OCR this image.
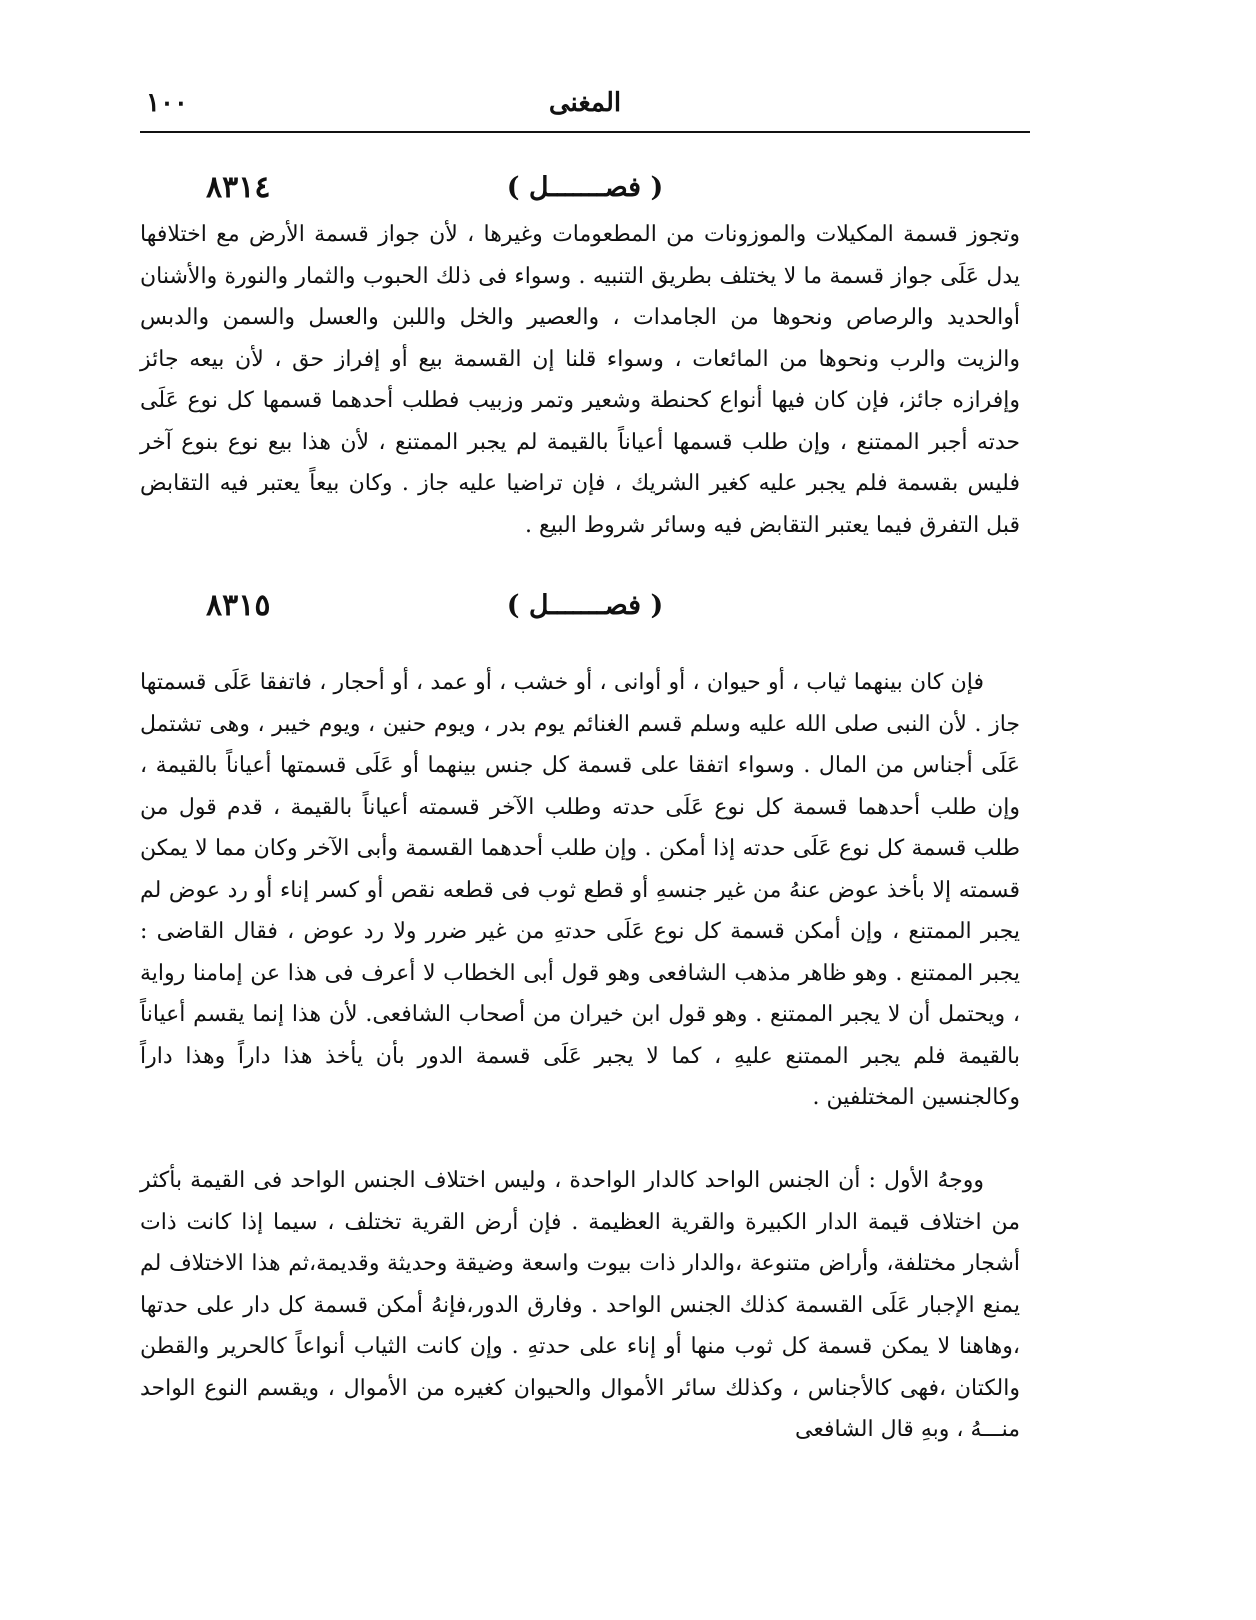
١٠٠	المغنى
٨٣١٤	( فصـــــــل )

وتجوز قسمة المكيلات والموزونات من المطعومات وغيرها ، لأن جواز قسمة الأرض مع اختلافها يدل عَلَى جواز قسمة ما لا يختلف بطريق التنبيه . وسواء فى ذلك الحبوب والثمار والنورة والأشنان أوالحديد والرصاص ونحوها من الجامدات ، والعصير والخل واللبن والعسل والسمن والدبس والزيت والرب ونحوها من المائعات ، وسواء قلنا إن القسمة بيع أو إفراز حق ، لأن بيعه جائز وإفرازه جائز، فإن كان فيها أنواع كحنطة وشعير وتمر وزبيب فطلب أحدهما قسمها كل نوع عَلَى حدته أجبر الممتنع ، وإن طلب قسمها أعياناً بالقيمة لم يجبر الممتنع ، لأن هذا بيع نوع بنوع آخر فليس بقسمة فلم يجبر عليه كغير الشريك ، فإن تراضيا عليه جاز . وكان بيعاً يعتبر فيه التقابض قبل التفرق فيما يعتبر التقابض فيه وسائر شروط البيع .

٨٣١٥	( فصـــــــل )

فإن كان بينهما ثياب ، أو حيوان ، أو أوانى ، أو خشب ، أو عمد ، أو أحجار ، فاتفقا عَلَى قسمتها جاز . لأن النبى صلى الله عليه وسلم قسم الغنائم يوم بدر ، ويوم حنين ، ويوم خيبر ، وهى تشتمل عَلَى أجناس من المال . وسواء اتفقا على قسمة كل جنس بينهما أو عَلَى قسمتها أعياناً بالقيمة ، وإن طلب أحدهما قسمة كل نوع عَلَى حدته وطلب الآخر قسمته أعياناً بالقيمة ، قدم قول من طلب قسمة كل نوع عَلَى حدته إذا أمكن . وإن طلب أحدهما القسمة وأبى الآخر وكان مما لا يمكن قسمته إلا بأخذ عوض عنهُ من غير جنسهِ أو قطع ثوب فى قطعه نقص أو كسر إناء أو رد عوض لم يجبر الممتنع ، وإن أمكن قسمة كل نوع عَلَى حدتهِ من غير ضرر ولا رد عوض ، فقال القاضى : يجبر الممتنع . وهو ظاهر مذهب الشافعى وهو قول أبى الخطاب لا أعرف فى هذا عن إمامنا رواية ، ويحتمل أن لا يجبر الممتنع . وهو قول ابن خيران من أصحاب الشافعى. لأن هذا إنما يقسم أعياناً بالقيمة فلم يجبر الممتنع عليهِ ، كما لا يجبر عَلَى قسمة الدور بأن يأخذ هذا داراً وهذا داراً وكالجنسين المختلفين .

ووجهُ الأول : أن الجنس الواحد كالدار الواحدة ، وليس اختلاف الجنس الواحد فى القيمة بأكثر من اختلاف قيمة الدار الكبيرة والقرية العظيمة . فإن أرض القرية تختلف ، سيما إذا كانت ذات أشجار مختلفة، وأراض متنوعة ،والدار ذات بيوت واسعة وضيقة وحديثة وقديمة،ثم هذا الاختلاف لم يمنع الإجبار عَلَى القسمة كذلك الجنس الواحد . وفارق الدور،فإنهُ أمكن قسمة كل دار على حدتها ،وهاهنا لا يمكن قسمة كل ثوب منها أو إناء على حدتهِ . وإن كانت الثياب أنواعاً كالحرير والقطن والكتان ،فهى كالأجناس ، وكذلك سائر الأموال والحيوان كغيره من الأموال ، ويقسم النوع الواحد منـــهُ ، وبهِ قال الشافعى
